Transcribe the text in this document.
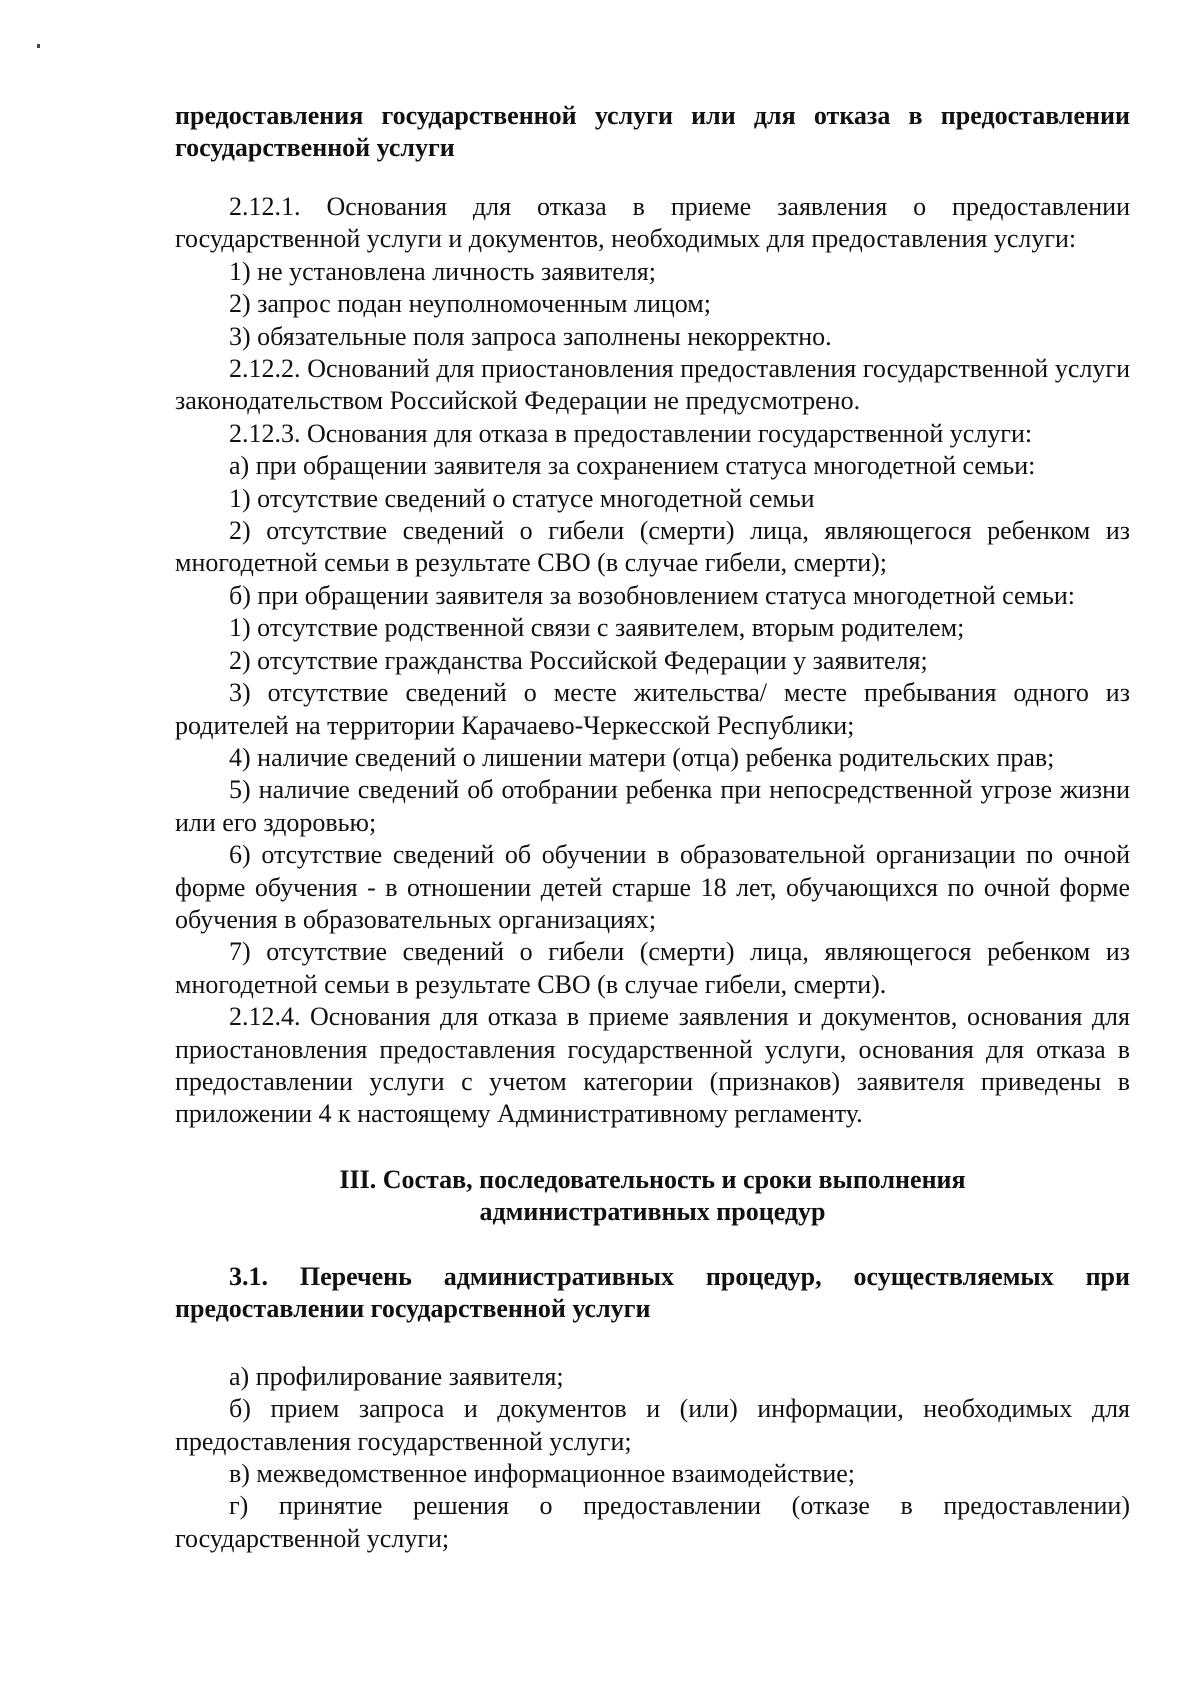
предоставления государственной услуги или для отказа в предоставлении государственной услуги

2.12.1. Основания для отказа в приеме заявления о предоставлении государственной услуги и документов, необходимых для предоставления услуги:

1) не установлена личность заявителя;

2) запрос подан неуполномоченным лицом;

3) обязательные поля запроса заполнены некорректно.

2.12.2. Оснований для приостановления предоставления государственной услуги законодательством Российской Федерации не предусмотрено.

2.12.3. Основания для отказа в предоставлении государственной услуги:

а) при обращении заявителя за сохранением статуса многодетной семьи:

1) отсутствие сведений о статусе многодетной семьи

2) отсутствие сведений о гибели (смерти) лица, являющегося ребенком из многодетной семьи в результате СВО (в случае гибели, смерти);

б) при обращении заявителя за возобновлением статуса многодетной семьи:

1) отсутствие родственной связи с заявителем, вторым родителем;

2) отсутствие гражданства Российской Федерации у заявителя;

3) отсутствие сведений о месте жительства/ месте пребывания одного из родителей на территории Карачаево-Черкесской Республики;

4) наличие сведений о лишении матери (отца) ребенка родительских прав;

5) наличие сведений об отобрании ребенка при непосредственной угрозе жизни или его здоровью;

6) отсутствие сведений об обучении в образовательной организации по очной форме обучения - в отношении детей старше 18 лет, обучающихся по очной форме обучения в образовательных организациях;

7) отсутствие сведений о гибели (смерти) лица, являющегося ребенком из многодетной семьи в результате СВО (в случае гибели, смерти).

2.12.4. Основания для отказа в приеме заявления и документов, основания для приостановления предоставления государственной услуги, основания для отказа в предоставлении услуги с учетом категории (признаков) заявителя приведены в приложении 4 к настоящему Административному регламенту.

III. Состав, последовательность и сроки выполнения

административных процедур

3.1. Перечень административных процедур, осуществляемых при предоставлении государственной услуги

а) профилирование заявителя;

б) прием запроса и документов и (или) информации, необходимых для предоставления государственной услуги;

в) межведомственное информационное взаимодействие;

г) принятие решения о предоставлении (отказе в предоставлении) государственной услуги;
